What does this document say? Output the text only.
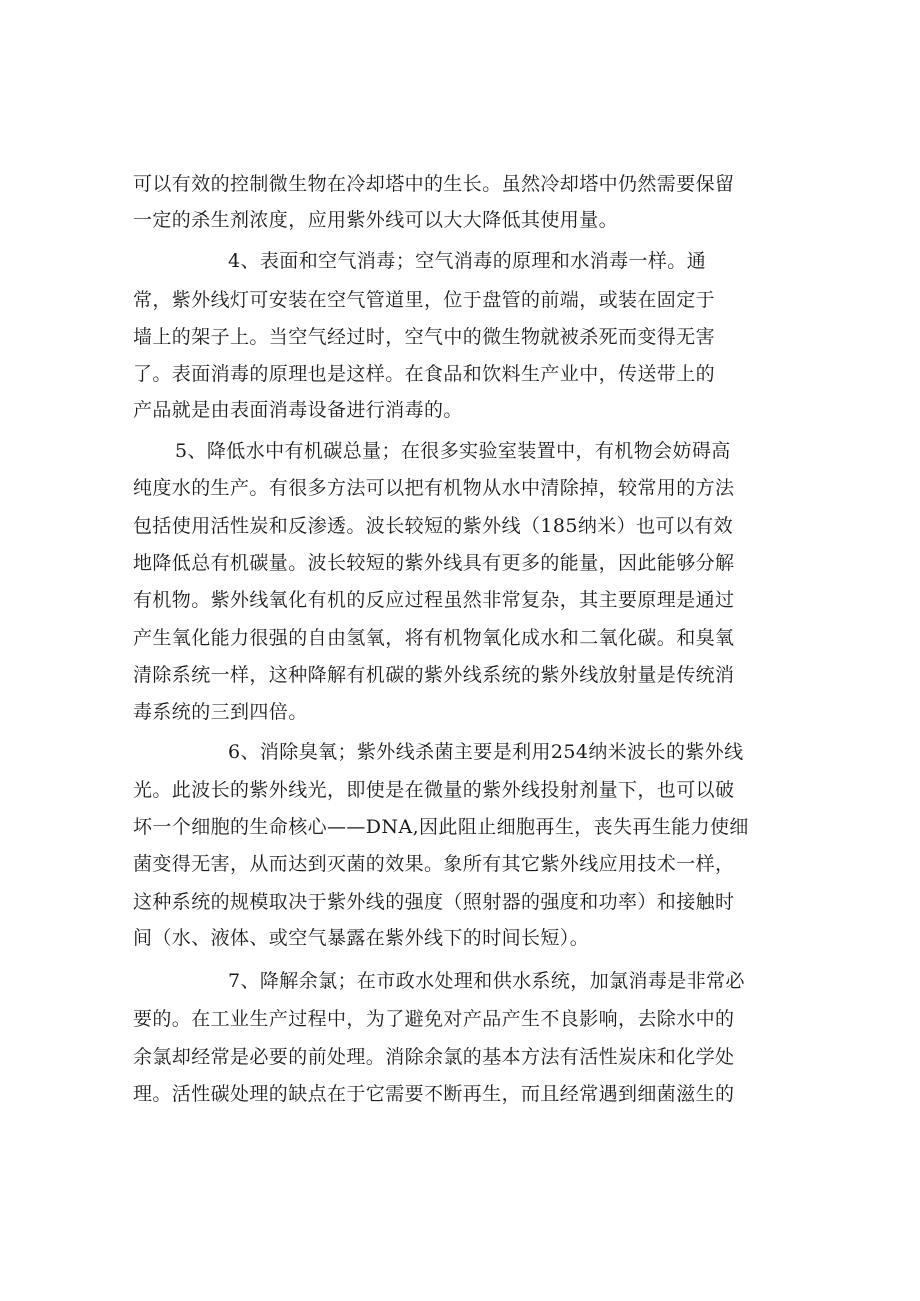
可以有效的控制微生物在冷却塔中的生长。虽然冷却塔中仍然需要保留

一定的杀生剂浓度，应用紫外线可以大大降低其使用量。

4、表面和空气消毒；空气消毒的原理和水消毒一样。通

常，紫外线灯可安装在空气管道里，位于盘管的前端，或装在固定于

墙上的架子上。当空气经过时，空气中的微生物就被杀死而变得无害

了。表面消毒的原理也是这样。在食品和饮料生产业中，传送带上的

产品就是由表面消毒设备进行消毒的。

5、降低水中有机碳总量；在很多实验室装置中，有机物会妨碍高

纯度水的生产。有很多方法可以把有机物从水中清除掉，较常用的方法

包括使用活性炭和反渗透。波长较短的紫外线（185纳米）也可以有效

地降低总有机碳量。波长较短的紫外线具有更多的能量，因此能够分解

有机物。紫外线氧化有机的反应过程虽然非常复杂，其主要原理是通过

产生氧化能力很强的自由氢氧，将有机物氧化成水和二氧化碳。和臭氧

清除系统一样，这种降解有机碳的紫外线系统的紫外线放射量是传统消

毒系统的三到四倍。

6、消除臭氧；紫外线杀菌主要是利用254纳米波长的紫外线

光。此波长的紫外线光，即使是在微量的紫外线投射剂量下，也可以破

坏一个细胞的生命核心——DNA,因此阻止细胞再生，丧失再生能力使细

菌变得无害，从而达到灭菌的效果。象所有其它紫外线应用技术一样，

这种系统的规模取决于紫外线的强度（照射器的强度和功率）和接触时

间（水、液体、或空气暴露在紫外线下的时间长短）。

7、降解余氯；在市政水处理和供水系统，加氯消毒是非常必

要的。在工业生产过程中，为了避免对产品产生不良影响，去除水中的

余氯却经常是必要的前处理。消除余氯的基本方法有活性炭床和化学处

理。活性碳处理的缺点在于它需要不断再生，而且经常遇到细菌滋生的
